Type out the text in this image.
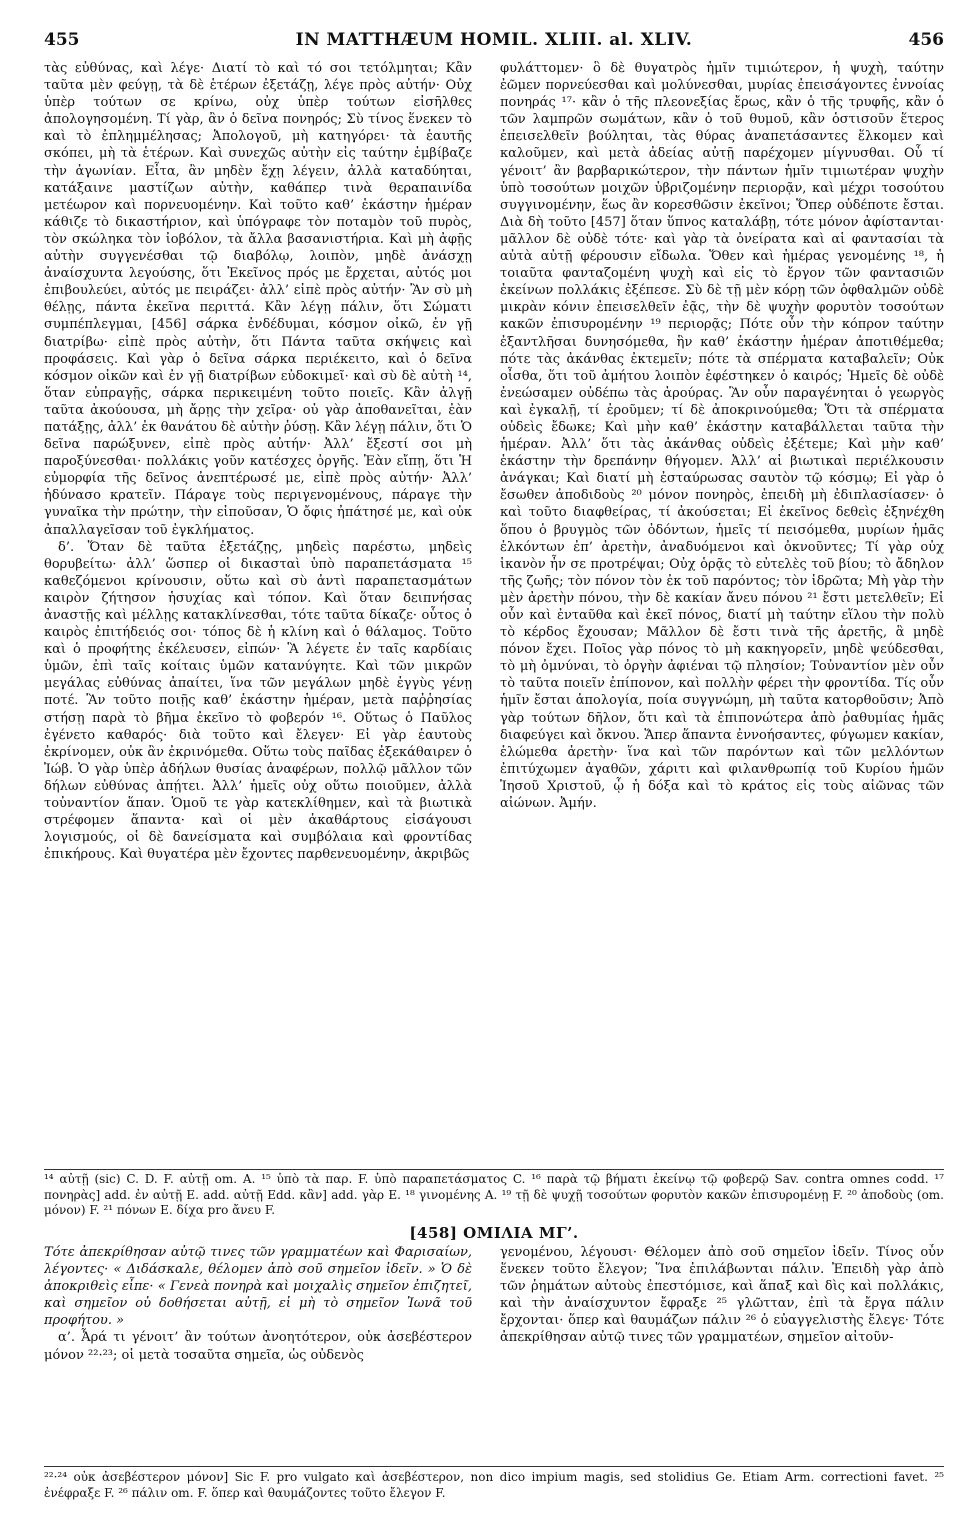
455	IN MATTHÆUM HOMIL. XLIII. al. XLIV.	456

τὰς εὐθύνας, καὶ λέγε· Διατί τὸ καὶ τό σοι τετόλμηται; Κἂν ταῦτα μὲν φεύγῃ, τὰ δὲ ἑτέρων ἐξετάζῃ, λέγε πρὸς αὐτήν· Οὐχ ὑπὲρ τούτων σε κρίνω, οὐχ ὑπὲρ τούτων εἰσῆλθες ἀπολογησομένη. Τί γὰρ, ἂν ὁ δεῖνα πονηρός; Σὺ τίνος ἕνεκεν τὸ καὶ τὸ ἐπλημμέλησας; Ἀπολογοῦ, μὴ κατηγόρει· τὰ ἑαυτῆς σκόπει, μὴ τὰ ἑτέρων. Καὶ συνεχῶς αὐτὴν εἰς ταύτην ἐμβίβαζε τὴν ἀγωνίαν. Εἶτα, ἂν μηδὲν ἔχῃ λέγειν, ἀλλὰ καταδύηται, κατάξαινε μαστίζων αὐτὴν, καθάπερ τινὰ θεραπαινίδα μετέωρον καὶ πορνευομένην. Καὶ τοῦτο καθ’ ἑκάστην ἡμέραν κάθιζε τὸ δικαστήριον, καὶ ὑπόγραφε τὸν ποταμὸν τοῦ πυρὸς, τὸν σκώληκα τὸν ἰοβόλον, τὰ ἄλλα βασανιστήρια. Καὶ μὴ ἀφῇς αὐτὴν συγγενέσθαι τῷ διαβόλῳ, λοιπὸν, μηδὲ ἀνάσχῃ ἀναίσχυντα λεγούσης, ὅτι Ἐκεῖνος πρός με ἔρχεται, αὐτός μοι ἐπιβουλεύει, αὐτός με πειράζει· ἀλλ’ εἰπὲ πρὸς αὐτήν· Ἂν σὺ μὴ θέλῃς, πάντα ἐκεῖνα περιττά. Κἂν λέγῃ πάλιν, ὅτι Σώματι συμπέπλεγμαι, [456] σάρκα ἐνδέδυμαι, κόσμον οἰκῶ, ἐν γῇ διατρίβω· εἰπὲ πρὸς αὐτὴν, ὅτι Πάντα ταῦτα σκήψεις καὶ προφάσεις. Καὶ γὰρ ὁ δεῖνα σάρκα περιέκειτο, καὶ ὁ δεῖνα κόσμον οἰκῶν καὶ ἐν γῇ διατρίβων εὐδοκιμεῖ· καὶ σὺ δὲ αὐτὴ ¹⁴, ὅταν εὐπραγῇς, σάρκα περικειμένη τοῦτο ποιεῖς. Κἂν ἀλγῇ ταῦτα ἀκούουσα, μὴ ἄρῃς τὴν χεῖρα· οὐ γὰρ ἀποθανεῖται, ἐὰν πατάξῃς, ἀλλ’ ἐκ θανάτου δὲ αὐτὴν ῥύσῃ. Κἂν λέγῃ πάλιν, ὅτι Ὁ δεῖνα παρώξυνεν, εἰπὲ πρὸς αὐτήν· Ἀλλ’ ἔξεστί σοι μὴ παροξύνεσθαι· πολλάκις γοῦν κατέσχες ὀργῆς. Ἐὰν εἴπῃ, ὅτι Ἡ εὐμορφία τῆς δεῖνος ἀνεπτέρωσέ με, εἰπὲ πρὸς αὐτήν· Ἀλλ’ ἠδύνασο κρατεῖν. Πάραγε τοὺς περιγενομένους, πάραγε τὴν γυναῖκα τὴν πρώτην, τὴν εἰποῦσαν, Ὁ ὄφις ἠπάτησέ με, καὶ οὐκ ἀπαλλαγεῖσαν τοῦ ἐγκλήματος.

δ’. Ὅταν δὲ ταῦτα ἐξετάζῃς, μηδεὶς παρέστω, μηδεὶς θορυβείτω· ἀλλ’ ὥσπερ οἱ δικασταὶ ὑπὸ παραπετάσματα ¹⁵ καθεζόμενοι κρίνουσιν, οὕτω καὶ σὺ ἀντὶ παραπετασμάτων καιρὸν ζήτησον ἡσυχίας καὶ τόπον. Καὶ ὅταν δειπνήσας ἀναστῇς καὶ μέλλῃς κατακλίνεσθαι, τότε ταῦτα δίκαζε· οὗτος ὁ καιρὸς ἐπιτήδειός σοι· τόπος δὲ ἡ κλίνη καὶ ὁ θάλαμος. Τοῦτο καὶ ὁ προφήτης ἐκέλευσεν, εἰπών· Ἃ λέγετε ἐν ταῖς καρδίαις ὑμῶν, ἐπὶ ταῖς κοίταις ὑμῶν κατανύγητε. Καὶ τῶν μικρῶν μεγάλας εὐθύνας ἀπαίτει, ἵνα τῶν μεγάλων μηδὲ ἐγγὺς γένῃ ποτέ. Ἂν τοῦτο ποιῇς καθ’ ἑκάστην ἡμέραν, μετὰ παῤῥησίας στήσῃ παρὰ τὸ βῆμα ἐκεῖνο τὸ φοβερόν ¹⁶. Οὕτως ὁ Παῦλος ἐγένετο καθαρός· διὰ τοῦτο καὶ ἔλεγεν· Εἰ γὰρ ἑαυτοὺς ἐκρίνομεν, οὐκ ἂν ἐκρινόμεθα. Οὕτω τοὺς παῖδας ἐξεκάθαιρεν ὁ Ἰώβ. Ὁ γὰρ ὑπὲρ ἀδήλων θυσίας ἀναφέρων, πολλῷ μᾶλλον τῶν δήλων εὐθύνας ἀπῄτει. Ἀλλ’ ἡμεῖς οὐχ οὕτω ποιοῦμεν, ἀλλὰ τοὐναντίον ἅπαν. Ὁμοῦ τε γὰρ κατεκλίθημεν, καὶ τὰ βιωτικὰ στρέφομεν ἅπαντα· καὶ οἱ μὲν ἀκαθάρτους εἰσάγουσι λογισμούς, οἱ δὲ δανείσματα καὶ συμβόλαια καὶ φροντίδας ἐπικήρους. Καὶ θυγατέρα μὲν ἔχοντες παρθενευομένην, ἀκριβῶς

φυλάττομεν· ὃ δὲ θυγατρὸς ἡμῖν τιμιώτερον, ἡ ψυχὴ, ταύτην ἐῶμεν πορνεύεσθαι καὶ μολύνεσθαι, μυρίας ἐπεισάγοντες ἐννοίας πονηράς ¹⁷· κἂν ὁ τῆς πλεονεξίας ἔρως, κἂν ὁ τῆς τρυφῆς, κἂν ὁ τῶν λαμπρῶν σωμάτων, κἂν ὁ τοῦ θυμοῦ, κἂν ὁστισοῦν ἕτερος ἐπεισελθεῖν βούληται, τὰς θύρας ἀναπετάσαντες ἕλκομεν καὶ καλοῦμεν, καὶ μετὰ ἀδείας αὐτῇ παρέχομεν μίγνυσθαι. Οὗ τί γένοιτ’ ἂν βαρβαρικώτερον, τὴν πάντων ἡμῖν τιμιωτέραν ψυχὴν ὑπὸ τοσούτων μοιχῶν ὑβριζομένην περιορᾷν, καὶ μέχρι τοσούτου συγγινομένην, ἕως ἂν κορεσθῶσιν ἐκεῖνοι; Ὅπερ οὐδέποτε ἔσται. Διὰ δὴ τοῦτο [457] ὅταν ὕπνος καταλάβῃ, τότε μόνον ἀφίστανται· μᾶλλον δὲ οὐδὲ τότε· καὶ γὰρ τὰ ὀνείρατα καὶ αἱ φαντασίαι τὰ αὐτὰ αὐτῇ φέρουσιν εἴδωλα. Ὅθεν καὶ ἡμέρας γενομένης ¹⁸, ἡ τοιαῦτα φανταζομένη ψυχὴ καὶ εἰς τὸ ἔργον τῶν φαντασιῶν ἐκείνων πολλάκις ἐξέπεσε. Σὺ δὲ τῇ μὲν κόρῃ τῶν ὀφθαλμῶν οὐδὲ μικρὰν κόνιν ἐπεισελθεῖν ἐᾷς, τὴν δὲ ψυχὴν φορυτὸν τοσούτων κακῶν ἐπισυρομένην ¹⁹ περιορᾷς; Πότε οὖν τὴν κόπρον ταύτην ἐξαντλῆσαι δυνησόμεθα, ἣν καθ’ ἑκάστην ἡμέραν ἀποτιθέμεθα; πότε τὰς ἀκάνθας ἐκτεμεῖν; πότε τὰ σπέρματα καταβαλεῖν; Οὐκ οἶσθα, ὅτι τοῦ ἀμήτου λοιπὸν ἐφέστηκεν ὁ καιρός; Ἡμεῖς δὲ οὐδὲ ἐνεώσαμεν οὐδέπω τὰς ἀρούρας. Ἂν οὖν παραγένηται ὁ γεωργὸς καὶ ἐγκαλῇ, τί ἐροῦμεν; τί δὲ ἀποκρινούμεθα; Ὅτι τὰ σπέρματα οὐδεὶς ἔδωκε; Καὶ μὴν καθ’ ἑκάστην καταβάλλεται ταῦτα τὴν ἡμέραν. Ἀλλ’ ὅτι τὰς ἀκάνθας οὐδεὶς ἐξέτεμε; Καὶ μὴν καθ’ ἑκάστην τὴν δρεπάνην θήγομεν. Ἀλλ’ αἱ βιωτικαὶ περιέλκουσιν ἀνάγκαι; Καὶ διατί μὴ ἐσταύρωσας σαυτὸν τῷ κόσμῳ; Εἰ γὰρ ὁ ἔσωθεν ἀποδιδοὺς ²⁰ μόνον πονηρὸς, ἐπειδὴ μὴ ἐδιπλασίασεν· ὁ καὶ τοῦτο διαφθείρας, τί ἀκούσεται; Εἰ ἐκεῖνος δεθεὶς ἐξηνέχθη ὅπου ὁ βρυγμὸς τῶν ὀδόντων, ἡμεῖς τί πεισόμεθα, μυρίων ἡμᾶς ἑλκόντων ἐπ’ ἀρετὴν, ἀναδυόμενοι καὶ ὀκνοῦντες; Τί γὰρ οὐχ ἱκανὸν ἦν σε προτρέψαι; Οὐχ ὁρᾷς τὸ εὐτελὲς τοῦ βίου; τὸ ἄδηλον τῆς ζωῆς; τὸν πόνον τὸν ἐκ τοῦ παρόντος; τὸν ἱδρῶτα; Μὴ γὰρ τὴν μὲν ἀρετὴν πόνου, τὴν δὲ κακίαν ἄνευ πόνου ²¹ ἔστι μετελθεῖν; Εἰ οὖν καὶ ἐνταῦθα καὶ ἐκεῖ πόνος, διατί μὴ ταύτην εἵλου τὴν πολὺ τὸ κέρδος ἔχουσαν; Μᾶλλον δὲ ἔστι τινὰ τῆς ἀρετῆς, ἃ μηδὲ πόνον ἔχει. Ποῖος γὰρ πόνος τὸ μὴ κακηγορεῖν, μηδὲ ψεύδεσθαι, τὸ μὴ ὀμνύναι, τὸ ὀργὴν ἀφιέναι τῷ πλησίον; Τοὐναντίον μὲν οὖν τὸ ταῦτα ποιεῖν ἐπίπονον, καὶ πολλὴν φέρει τὴν φροντίδα. Τίς οὖν ἡμῖν ἔσται ἀπολογία, ποία συγγνώμη, μὴ ταῦτα κατορθοῦσιν; Ἀπὸ γὰρ τούτων δῆλον, ὅτι καὶ τὰ ἐπιπονώτερα ἀπὸ ῥαθυμίας ἡμᾶς διαφεύγει καὶ ὄκνου. Ἅπερ ἅπαντα ἐννοήσαντες, φύγωμεν κακίαν, ἑλώμεθα ἀρετὴν· ἵνα καὶ τῶν παρόντων καὶ τῶν μελλόντων ἐπιτύχωμεν ἀγαθῶν, χάριτι καὶ φιλανθρωπίᾳ τοῦ Κυρίου ἡμῶν Ἰησοῦ Χριστοῦ, ᾧ ἡ δόξα καὶ τὸ κράτος εἰς τοὺς αἰῶνας τῶν αἰώνων. Ἀμήν.

¹⁴ αὐτῇ (sic) C. D. F. αὐτῇ om. A. ¹⁵ ὑπὸ τὰ παρ. F. ὑπὸ παραπετάσματος C. ¹⁶ παρὰ τῷ βήματι ἐκείνῳ τῷ φοβερῷ Sav. contra omnes codd. ¹⁷ πονηρὰς] add. ἐν αὐτῇ E. add. αὐτῇ Edd. κἂν] add. γὰρ E. ¹⁸ γινομένης A. ¹⁹ τῇ δὲ ψυχῇ τοσούτων φορυτὸν κακῶν ἐπισυρομένῃ F. ²⁰ ἀποδοὺς (om. μόνον) F. ²¹ πόνων E. δίχα pro ἄνευ F.
[458] ΟΜΙΛΙΑ ΜΓ’.

Τότε ἀπεκρίθησαν αὐτῷ τινες τῶν γραμματέων καὶ Φαρισαίων, λέγοντες· « Διδάσκαλε, θέλομεν ἀπὸ σοῦ σημεῖον ἰδεῖν. » Ὁ δὲ ἀποκριθεὶς εἶπε· « Γενεὰ πονηρὰ καὶ μοιχαλὶς σημεῖον ἐπιζητεῖ, καὶ σημεῖον οὐ δοθήσεται αὐτῇ, εἰ μὴ τὸ σημεῖον Ἰωνᾶ τοῦ προφήτου. »

α’. Ἆρά τι γένοιτ’ ἂν τούτων ἀνοητότερον, οὐκ ἀσεβέστερον μόνον ²²·²³; οἱ μετὰ τοσαῦτα σημεῖα, ὡς οὐδενὸς

γενομένου, λέγουσι· Θέλομεν ἀπὸ σοῦ σημεῖον ἰδεῖν. Τίνος οὖν ἕνεκεν τοῦτο ἔλεγον; Ἵνα ἐπιλάβωνται πάλιν. Ἐπειδὴ γὰρ ἀπὸ τῶν ῥημάτων αὐτοὺς ἐπεστόμισε, καὶ ἅπαξ καὶ δὶς καὶ πολλάκις, καὶ τὴν ἀναίσχυντον ἔφραξε ²⁵ γλῶτταν, ἐπὶ τὰ ἔργα πάλιν ἔρχονται· ὅπερ καὶ θαυμάζων πάλιν ²⁶ ὁ εὐαγγελιστὴς ἔλεγε· Τότε ἀπεκρίθησαν αὐτῷ τινες τῶν γραμματέων, σημεῖον αἰτοῦν-

²²·²⁴ οὐκ ἀσεβέστερον μόνον] Sic F. pro vulgato καὶ ἀσεβέστερον, non dico impium magis, sed stolidius Ge. Etiam Arm. correctioni favet. ²⁵ ἐνέφραξε F. ²⁶ πάλιν om. F. ὅπερ καὶ θαυμάζοντες τοῦτο ἔλεγον F.
